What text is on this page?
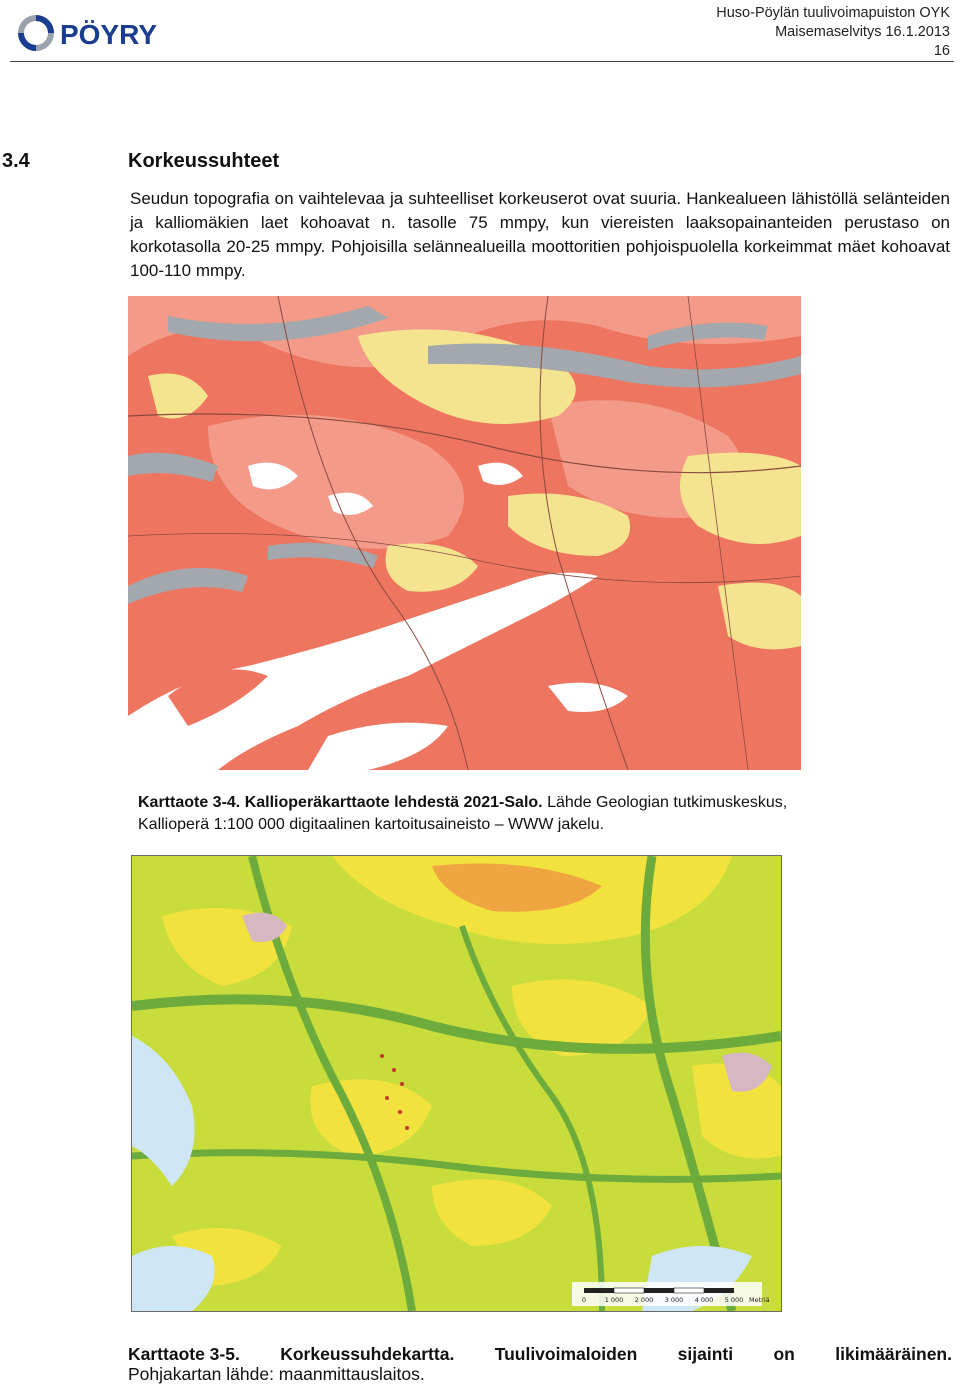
PÖYRY
Huso-Pöylän tuulivoimapuiston OYK
Maisemaselvitys 16.1.2013
16
3.4	Korkeussuhteet

Seudun topografia on vaihtelevaa ja suhteelliset korkeuserot ovat suuria. Hankealueen lähistöllä selänteiden ja kalliomäkien laet kohoavat n. tasolle 75 mmpy, kun viereisten laaksopainanteiden perustaso on korkotasolla 20-25 mmpy. Pohjoisilla selännealueilla moottoritien pohjoispuolella korkeimmat mäet kohoavat 100-110 mmpy.

Karttaote 3-4. Kallioperäkarttaote lehdestä 2021-Salo. Lähde Geologian tutkimuskeskus, Kallioperä 1:100 000 digitaalinen kartoitusaineisto – WWW jakelu.

0	1 000 2 000 3 000 4 000 5 000 Metriä
Karttaote 3-5. Korkeussuhdekartta. Tuulivoimaloiden sijainti on likimääräinen.
Pohjakartan lähde: maanmittauslaitos.
